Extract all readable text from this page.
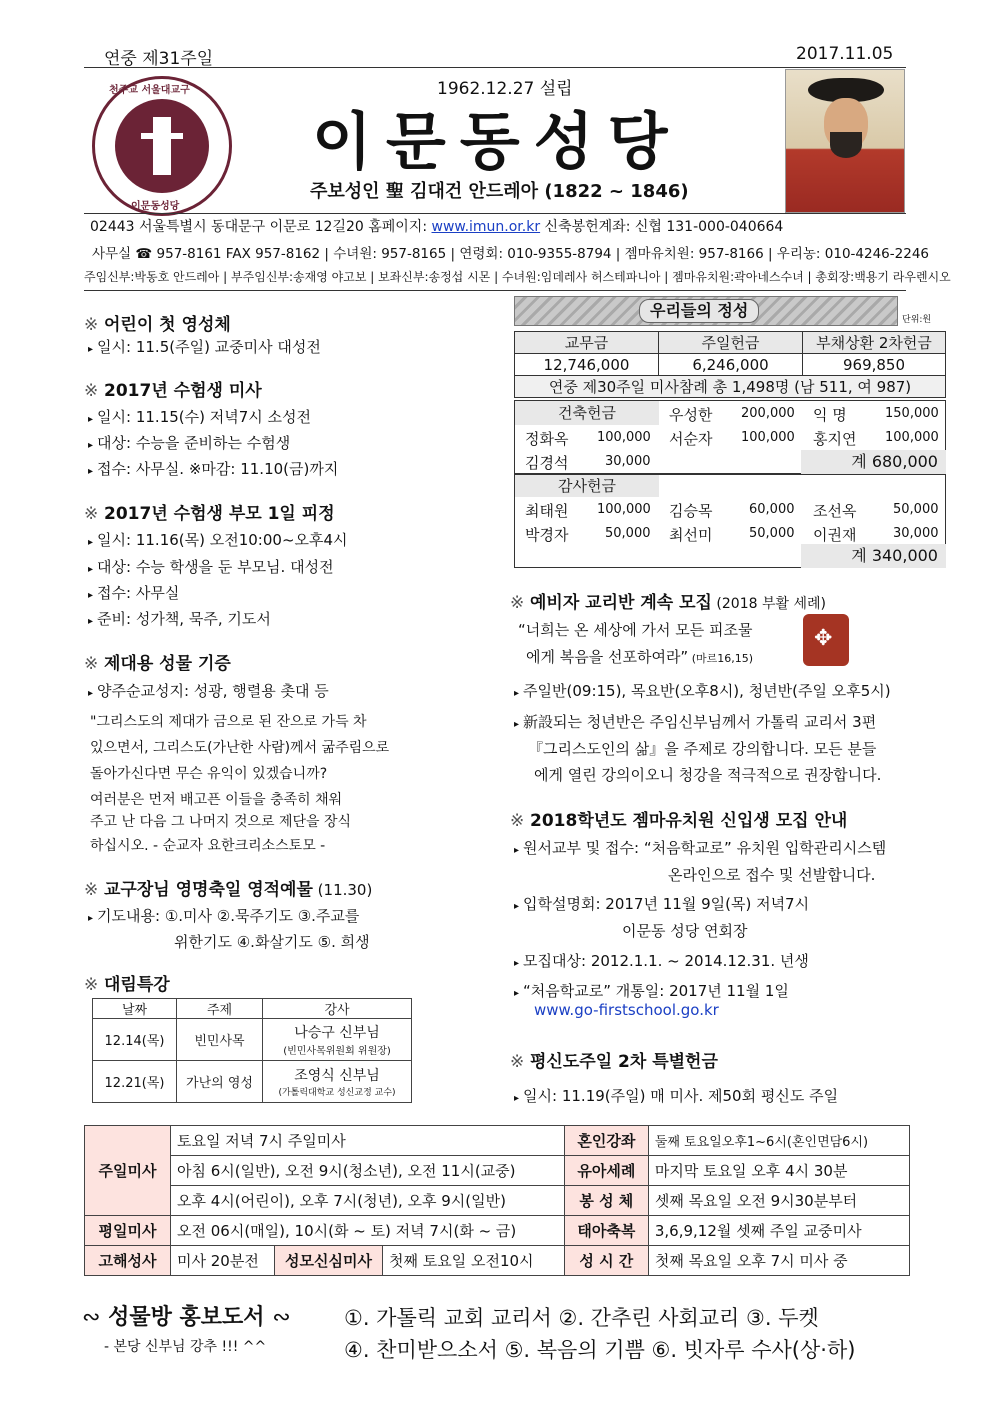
연중 제31주일	2017.11.05
천주교 서울대교구
이문동성당
1962.12.27 설립
이문동성당
주보성인 聖 김대건 안드레아 (1822 ~ 1846)
02443 서울특별시 동대문구 이문로 12길20 홈페이지: www.imun.or.kr 신축봉헌계좌: 신협 131-000-040664
사무실 ☎ 957-8161 FAX 957-8162 | 수녀원: 957-8165 | 연령회: 010-9355-8794 | 젬마유치원: 957-8166 | 우리농: 010-4246-2246
주임신부:박동호 안드레아 | 부주임신부:송재영 야고보 | 보좌신부:송정섭 시몬 | 수녀원:임데레사 허스테파니아 | 젬마유치원:곽아네스수녀 | 총회장:백용기 라우렌시오
※ 어린이 첫 영성체
▸ 일시: 11.5(주일) 교중미사 대성전
※ 2017년 수험생 미사
▸ 일시: 11.15(수) 저녁7시 소성전
▸ 대상: 수능을 준비하는 수험생
▸ 접수: 사무실. ※마감: 11.10(금)까지
※ 2017년 수험생 부모 1일 피정
▸ 일시: 11.16(목) 오전10:00~오후4시
▸ 대상: 수능 학생을 둔 부모님. 대성전
▸ 접수: 사무실
▸ 준비: 성가책, 묵주, 기도서
※ 제대용 성물 기증
▸ 양주순교성지: 성광, 행렬용 촛대 등
"그리스도의 제대가 금으로 된 잔으로 가득 차
있으면서, 그리스도(가난한 사람)께서 굶주림으로
돌아가신다면 무슨 유익이 있겠습니까?
여러분은 먼저 배고픈 이들을 충족히 채워
주고 난 다음 그 나머지 것으로 제단을 장식
하십시오. - 순교자 요한크리소스토모 -
※ 교구장님 영명축일 영적예물 (11.30)
▸ 기도내용: ①.미사 ②.묵주기도 ③.주교를
위한기도 ④.화살기도 ⑤. 희생
※ 대림특강
날짜	주제	강사
12.14(목)	빈민사목	나승구 신부님
(빈민사목위원회 위원장)

12.21(목)	가난의 영성	조영식 신부님
(가톨릭대학교 성신교정 교수)
우리들의 정성	단위:원
교무금	주일헌금	부채상환 2차헌금
12,746,000	6,246,000	969,850
연중 제30주일 미사참례 총 1,498명 (남 511, 여 987)		
건축헌금	우성한 200,000 익 명	150,000
정화옥 100,000 서순자 100,000 홍지연 100,000
김경석	30,000	계 680,000
감사헌금
최태원 100,000 김승목	60,000 조선옥	50,000
박경자	50,000 최선미	50,000 이권재	30,000
계 340,000
※ 예비자 교리반 계속 모집 (2018 부활 세례)
“너희는 온 세상에 가서 모든 피조물
에게 복음을 선포하여라” (마르16,15)
✥
▸ 주일반(09:15), 목요반(오후8시), 청년반(주일 오후5시)
▸ 新設되는 청년반은 주임신부님께서 가톨릭 교리서 3편
『그리스도인의 삶』을 주제로 강의합니다. 모든 분들
에게 열린 강의이오니 청강을 적극적으로 권장합니다.
※ 2018학년도 젬마유치원 신입생 모집 안내
▸ 원서교부 및 접수: “처음학교로” 유치원 입학관리시스템
온라인으로 접수 및 선발합니다.
▸ 입학설명회: 2017년 11월 9일(목) 저녁7시
이문동 성당 연회장
▸ 모집대상: 2012.1.1. ~ 2014.12.31. 년생
▸ “처음학교로” 개통일: 2017년 11월 1일
www.go-firstschool.go.kr
※ 평신도주일 2차 특별헌금
▸ 일시: 11.19(주일) 매 미사. 제50회 평신도 주일
주일미사	토요일 저녁 7시 주일미사			혼인강좌	둘째 토요일오후1~6시(혼인면담6시)
	아침 6시(일반), 오전 9시(청소년), 오전 11시(교중)			유아세례	마지막 토요일 오후 4시 30분
	오후 4시(어린이), 오후 7시(청년), 오후 9시(일반)			봉 성 체	셋째 목요일 오전 9시30분부터
평일미사	오전 06시(매일), 10시(화 ~ 토) 저녁 7시(화 ~ 금)			태아축복	3,6,9,12월 셋째 주일 교중미사
고해성사	미사 20분전	성모신심미사	첫째 토요일 오전10시	성 시 간	첫째 목요일 오후 7시 미사 중
∾ 성물방 홍보도서 ∾
- 본당 신부님 강추 !!! ^^
①. 가톨릭 교회 교리서 ②. 간추린 사회교리 ③. 두켓
④. 찬미받으소서 ⑤. 복음의 기쁨 ⑥. 빗자루 수사(상·하)
